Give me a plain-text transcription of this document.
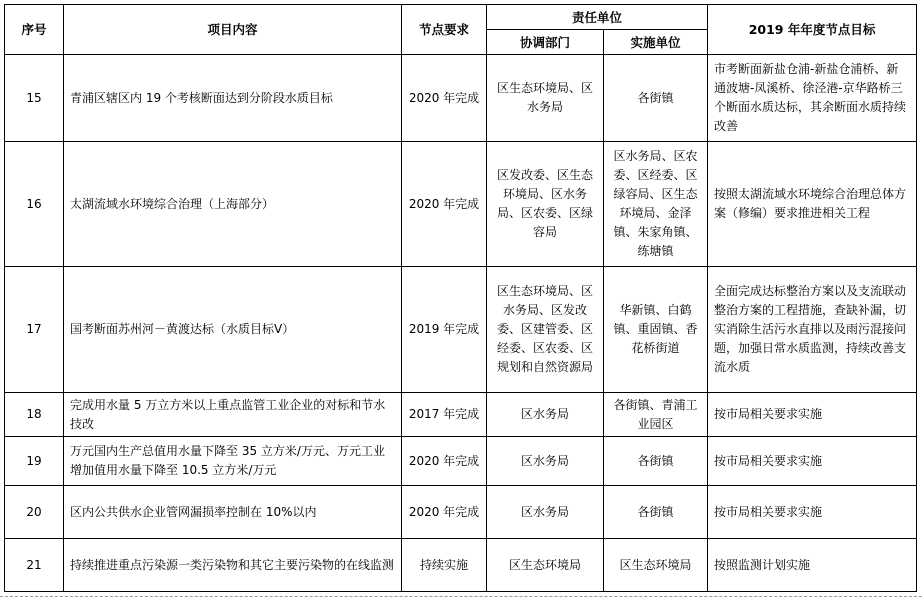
序号	项目内容	节点要求	责任单位		2019 年年度节点目标
			协调部门	实施单位	
15	青浦区辖区内 19 个考核断面达到分阶段水质目标	2020 年完成	区生态环境局、区水务局	各街镇	市考断面新盐仓浦-新盐仓浦桥、新通波塘-凤溪桥、徐泾港-京华路桥三个断面水质达标，其余断面水质持续改善
16	太湖流域水环境综合治理（上海部分）	2020 年完成	区发改委、区生态环境局、区水务局、区农委、区绿容局	区水务局、区农委、区经委、区绿容局、区生态环境局、金泽镇、朱家角镇、练塘镇	按照太湖流域水环境综合治理总体方案（修编）要求推进相关工程
17	国考断面苏州河－黄渡达标（水质目标Ⅴ）	2019 年完成	区生态环境局、区水务局、区发改委、区建管委、区经委、区农委、区规划和自然资源局	华新镇、白鹤镇、重固镇、香花桥街道	全面完成达标整治方案以及支流联动整治方案的工程措施，查缺补漏，切实消除生活污水直排以及雨污混接问题，加强日常水质监测，持续改善支流水质
18	完成用水量 5 万立方米以上重点监管工业企业的对标和节水技改	2017 年完成	区水务局	各街镇、青浦工业园区	按市局相关要求实施
19	万元国内生产总值用水量下降至 35 立方米/万元、万元工业增加值用水量下降至 10.5 立方米/万元	2020 年完成	区水务局	各街镇	按市局相关要求实施
20	区内公共供水企业管网漏损率控制在 10%以内	2020 年完成	区水务局	各街镇	按市局相关要求实施
21	持续推进重点污染源一类污染物和其它主要污染物的在线监测	持续实施	区生态环境局	区生态环境局	按照监测计划实施
